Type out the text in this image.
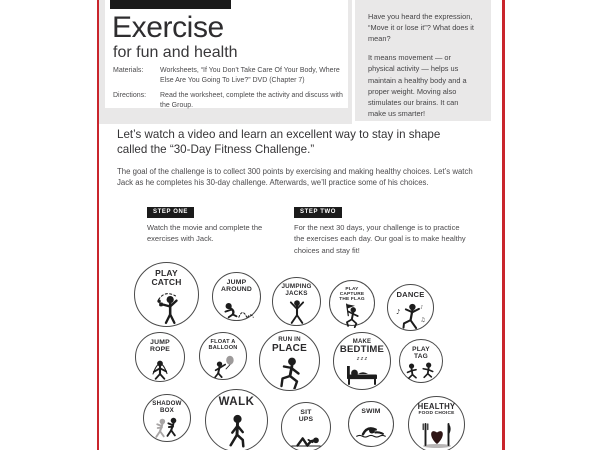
Exercise
for fun and health
Materials:	Worksheets, “If You Don’t Take Care Of Your Body, Where Else Are You Going To Live?” DVD (Chapter 7)
Directions:	Read the worksheet, complete the activity and discuss with the Group.

Have you heard the expression, “Move it or lose it”? What does it mean?

It means movement — or physical activity — helps us maintain a healthy body and a proper weight. Moving also stimulates our brains. It can make us smarter!

Let’s watch a video and learn an excellent way to stay in shape called the “30-Day Fitness Challenge.”
The goal of the challenge is to collect 300 points by exercising and making healthy choices. Let’s watch Jack as he completes his 30-day challenge. Afterwards, we’ll practice some of his choices.
STEP ONE
Watch the movie and complete the exercises with Jack.
STEP TWO
For the next 30 days, your challenge is to practice the exercises each day. Our goal is to make healthy choices and stay fit!
PLAY
CATCH	JUMP
AROUND	JUMPING
JACKS
PLAY
CAPTURE THE FLAG
DANCE
♪
♪
♫
JUMP
ROPE
FLOAT A
BALLOON
RUN IN
PLACE
MAKE
BEDTIME
z z z
PLAY
TAG
SHADOW
BOX
WALK
SIT
UPS
SWIM
HEALTHY
FOOD CHOICE
